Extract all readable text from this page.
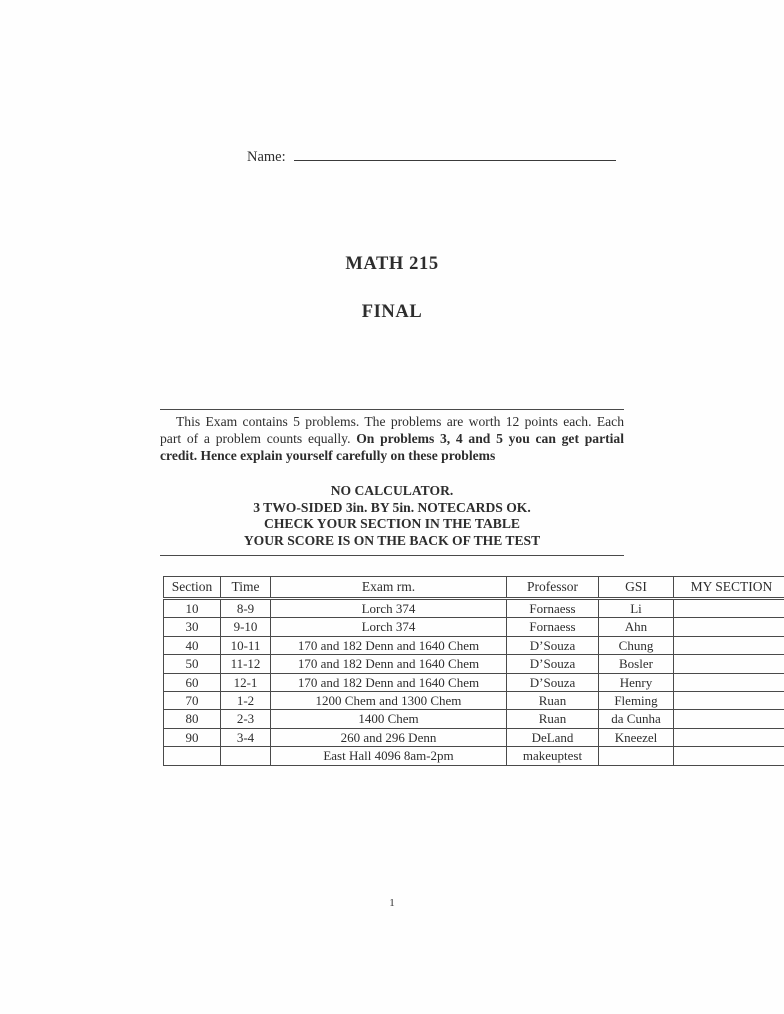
Name:
MATH 215
FINAL

This Exam contains 5 problems. The problems are worth 12 points each. Each part of a problem counts equally. On problems 3, 4 and 5 you can get partial credit. Hence explain yourself carefully on these problems

NO CALCULATOR.
3 TWO-SIDED 3in. BY 5in. NOTECARDS OK.
CHECK YOUR SECTION IN THE TABLE
YOUR SCORE IS ON THE BACK OF THE TEST
Section	Time	Exam rm.	Professor	GSI	MY SECTION
10	8-9	Lorch 374	Fornaess	Li	
30	9-10	Lorch 374	Fornaess	Ahn	
40	10-11	170 and 182 Denn and 1640 Chem	D’Souza	Chung	
50	11-12	170 and 182 Denn and 1640 Chem	D’Souza	Bosler	
60	12-1	170 and 182 Denn and 1640 Chem	D’Souza	Henry	
70	1-2	1200 Chem and 1300 Chem	Ruan	Fleming	
80	2-3	1400 Chem	Ruan	da Cunha	
90	3-4	260 and 296 Denn	DeLand	Kneezel	
		East Hall 4096 8am-2pm	makeuptest		
1
